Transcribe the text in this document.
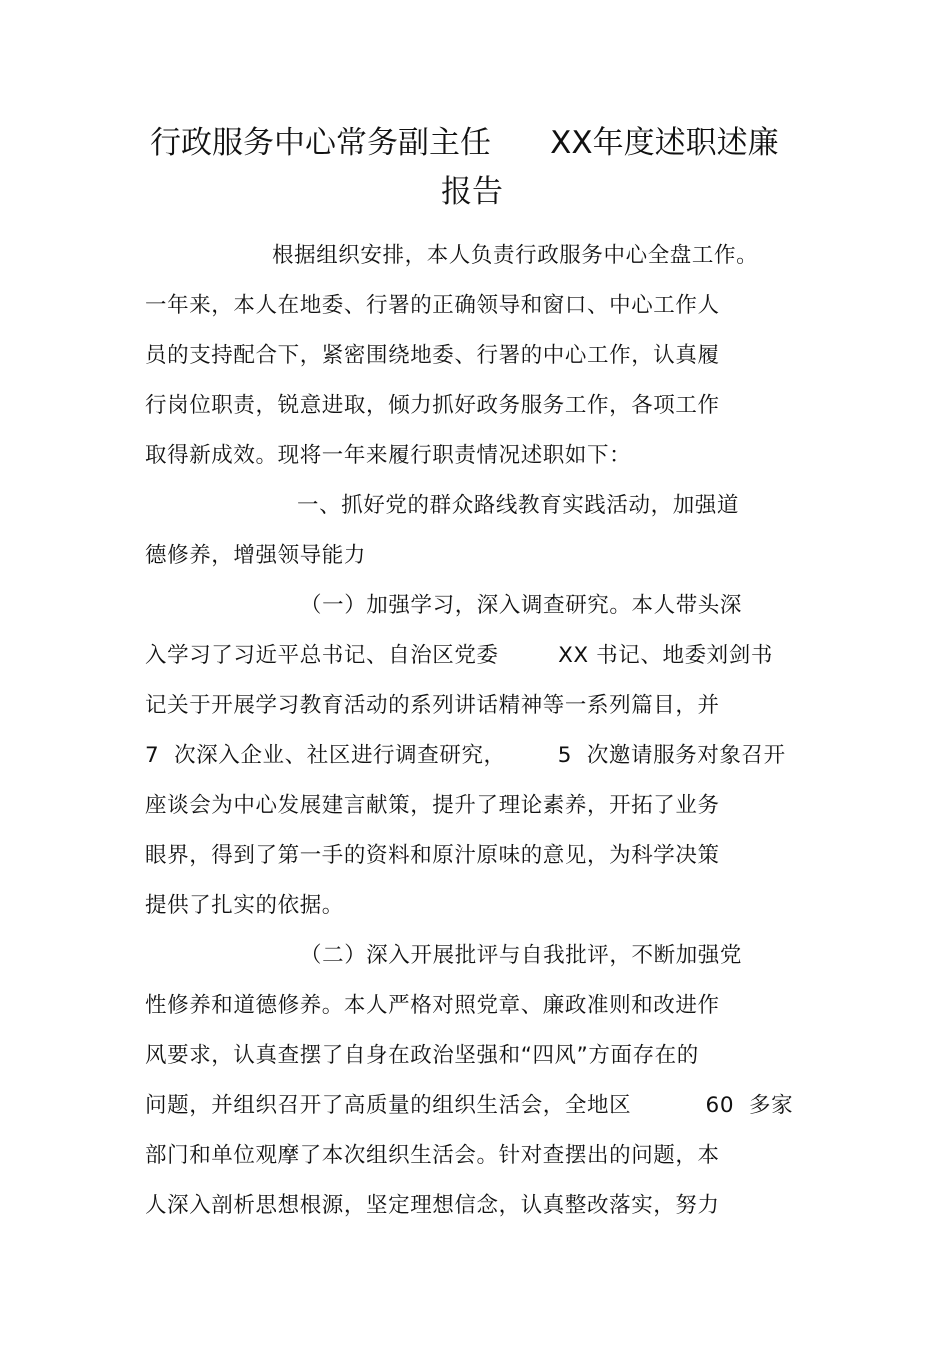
行政服务中心常务副主任      XX年度述职述廉
报告
根据组织安排，本人负责行政服务中心全盘工作。
一年来，本人在地委、行署的正确领导和窗口、中心工作人
员的支持配合下，紧密围绕地委、行署的中心工作，认真履
行岗位职责，锐意进取，倾力抓好政务服务工作，各项工作
取得新成效。现将一年来履行职责情况述职如下：
一、抓好党的群众路线教育实践活动，加强道
德修养，增强领导能力
（一）加强学习，深入调查研究。本人带头深
入学习了习近平总书记、自治区党委        XX 书记、地委刘剑书
记关于开展学习教育活动的系列讲话精神等一系列篇目，并
7  次深入企业、社区进行调查研究，       5  次邀请服务对象召开
座谈会为中心发展建言献策，提升了理论素养，开拓了业务
眼界，得到了第一手的资料和原汁原味的意见，为科学决策
提供了扎实的依据。
（二）深入开展批评与自我批评，不断加强党
性修养和道德修养。本人严格对照党章、廉政准则和改进作
风要求，认真查摆了自身在政治坚强和“四风”方面存在的
问题，并组织召开了高质量的组织生活会，全地区          60  多家
部门和单位观摩了本次组织生活会。针对查摆出的问题，本
人深入剖析思想根源，坚定理想信念，认真整改落实，努力
